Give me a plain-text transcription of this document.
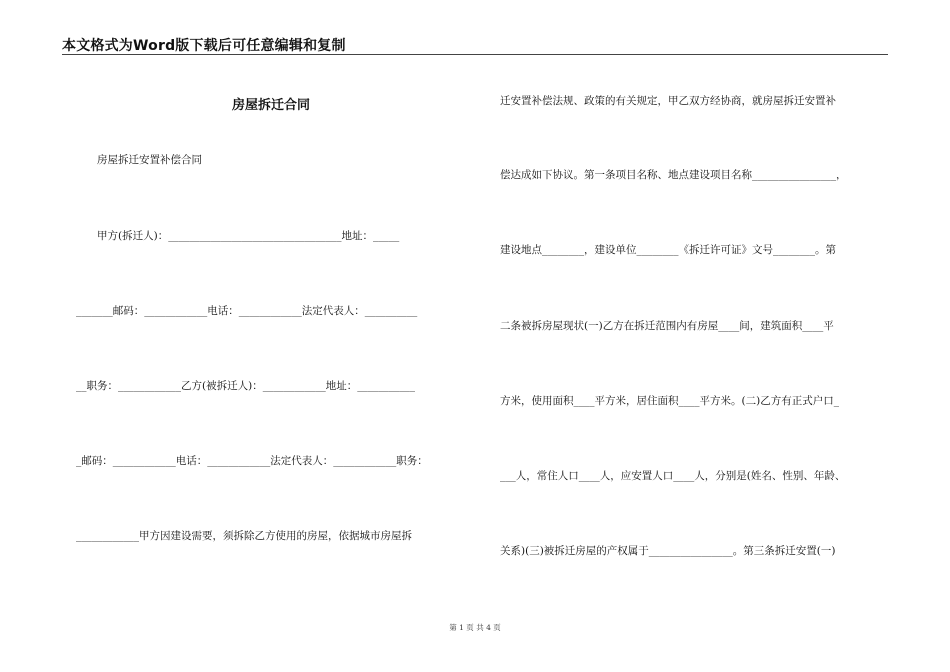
本文格式为Word版下载后可任意编辑和复制
房屋拆迁合同
　　房屋拆迁安置补偿合同
　　甲方(拆迁人)：_________________________________地址：_____
_______邮码：____________电话：____________法定代表人：__________
__职务：____________乙方(被拆迁人)：____________地址：___________
_邮码：____________电话：____________法定代表人：____________职务：
____________甲方因建设需要，须拆除乙方使用的房屋，依据城市房屋拆
迁安置补偿法规、政策的有关规定，甲乙双方经协商，就房屋拆迁安置补
偿达成如下协议。第一条项目名称、地点建设项目名称________________，
建设地点________，建设单位________《拆迁许可证》文号________。第
二条被拆房屋现状(一)乙方在拆迁范围内有房屋____间，建筑面积____平
方米，使用面积____平方米，居住面积____平方米。(二)乙方有正式户口_
___人，常住人口____人，应安置人口____人，分别是(姓名、性别、年龄、
关系)(三)被拆迁房屋的产权属于________________。第三条拆迁安置(一)
第 1 页 共 4 页
